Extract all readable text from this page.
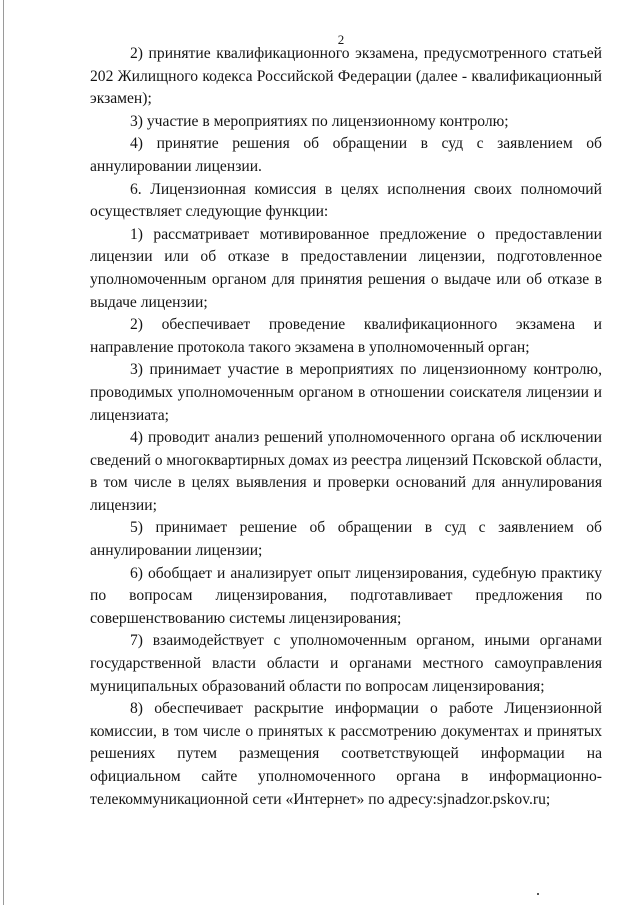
2

2) принятие квалификационного экзамена, предусмотренного статьей 202 Жилищного кодекса Российской Федерации (далее - квалификационный экзамен);

3) участие в мероприятиях по лицензионному контролю;

4) принятие решения об обращении в суд с заявлением об аннулировании лицензии.

6. Лицензионная комиссия в целях исполнения своих полномочий осуществляет следующие функции:

1) рассматривает мотивированное предложение о предоставлении лицензии или об отказе в предоставлении лицензии, подготовленное уполномоченным органом для принятия решения о выдаче или об отказе в выдаче лицензии;

2) обеспечивает проведение квалификационного экзамена и направление протокола такого экзамена в уполномоченный орган;

3) принимает участие в мероприятиях по лицензионному контролю, проводимых уполномоченным органом в отношении соискателя лицензии и лицензиата;

4) проводит анализ решений уполномоченного органа об исключении сведений о многоквартирных домах из реестра лицензий Псковской области, в том числе в целях выявления и проверки оснований для аннулирования лицензии;

5) принимает решение об обращении в суд с заявлением об аннулировании лицензии;

6) обобщает и анализирует опыт лицензирования, судебную практику по вопросам лицензирования, подготавливает предложения по совершенствованию системы лицензирования;

7) взаимодействует с уполномоченным органом, иными органами государственной власти области и органами местного самоуправления муниципальных образований области по вопросам лицензирования;

8) обеспечивает раскрытие информации о работе Лицензионной комиссии, в том числе о принятых к рассмотрению документах и принятых решениях путем размещения соответствующей информации на официальном сайте уполномоченного органа в информационно-телекоммуникационной сети «Интернет» по адресу:sjnadzor.pskov.ru;
